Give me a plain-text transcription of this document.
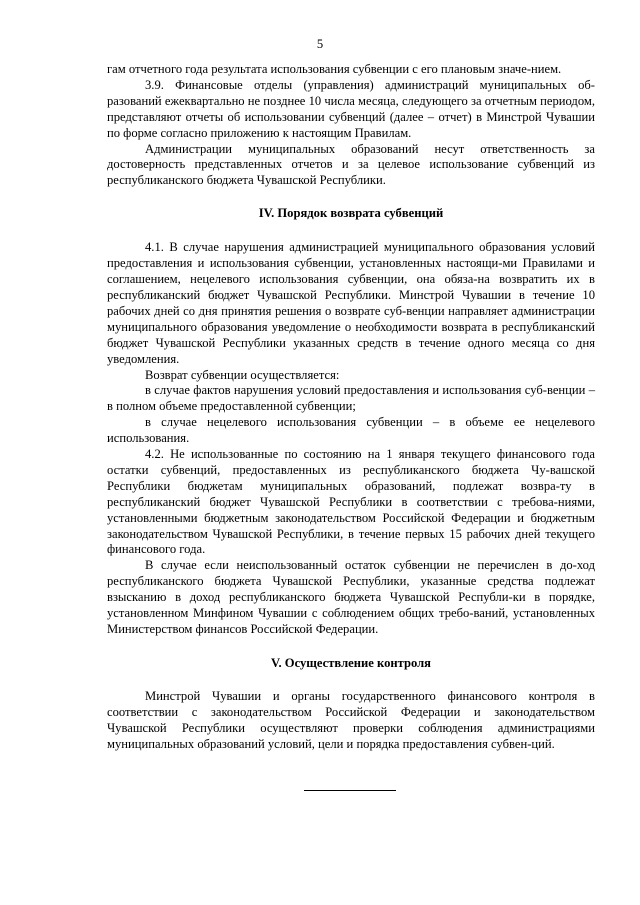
5

гам отчетного года результата использования субвенции с его плановым значе-нием.

3.9. Финансовые отделы (управления) администраций муниципальных об-разований ежеквартально не позднее 10 числа месяца, следующего за отчетным периодом, представляют отчеты об использовании субвенций (далее – отчет) в Минстрой Чувашии по форме согласно приложению к настоящим Правилам.

Администрации муниципальных образований несут ответственность за достоверность представленных отчетов и за целевое использование субвенций из республиканского бюджета Чувашской Республики.

IV. Порядок возврата субвенций

4.1. В случае нарушения администрацией муниципального образования условий предоставления и использования субвенции, установленных настоящи-ми Правилами и соглашением, нецелевого использования субвенции, она обяза-на возвратить их в республиканский бюджет Чувашской Республики. Минстрой Чувашии в течение 10 рабочих дней со дня принятия решения о возврате суб-венции направляет администрации муниципального образования уведомление о необходимости возврата в республиканский бюджет Чувашской Республики указанных средств в течение одного месяца со дня уведомления.

Возврат субвенции осуществляется:

в случае фактов нарушения условий предоставления и использования суб-венции – в полном объеме предоставленной субвенции;

в случае нецелевого использования субвенции – в объеме ее нецелевого использования.

4.2. Не использованные по состоянию на 1 января текущего финансового года остатки субвенций, предоставленных из республиканского бюджета Чу-вашской Республики бюджетам муниципальных образований, подлежат возвра-ту в республиканский бюджет Чувашской Республики в соответствии с требова-ниями, установленными бюджетным законодательством Российской Федерации и бюджетным законодательством Чувашской Республики, в течение первых 15 рабочих дней текущего финансового года.

В случае если неиспользованный остаток субвенции не перечислен в до-ход республиканского бюджета Чувашской Республики, указанные средства подлежат взысканию в доход республиканского бюджета Чувашской Республи-ки в порядке, установленном Минфином Чувашии с соблюдением общих требо-ваний, установленных Министерством финансов Российской Федерации.

V. Осуществление контроля

Минстрой Чувашии и органы государственного финансового контроля в соответствии с законодательством Российской Федерации и законодательством Чувашской Республики осуществляют проверки соблюдения администрациями муниципальных образований условий, цели и порядка предоставления субвен-ций.
